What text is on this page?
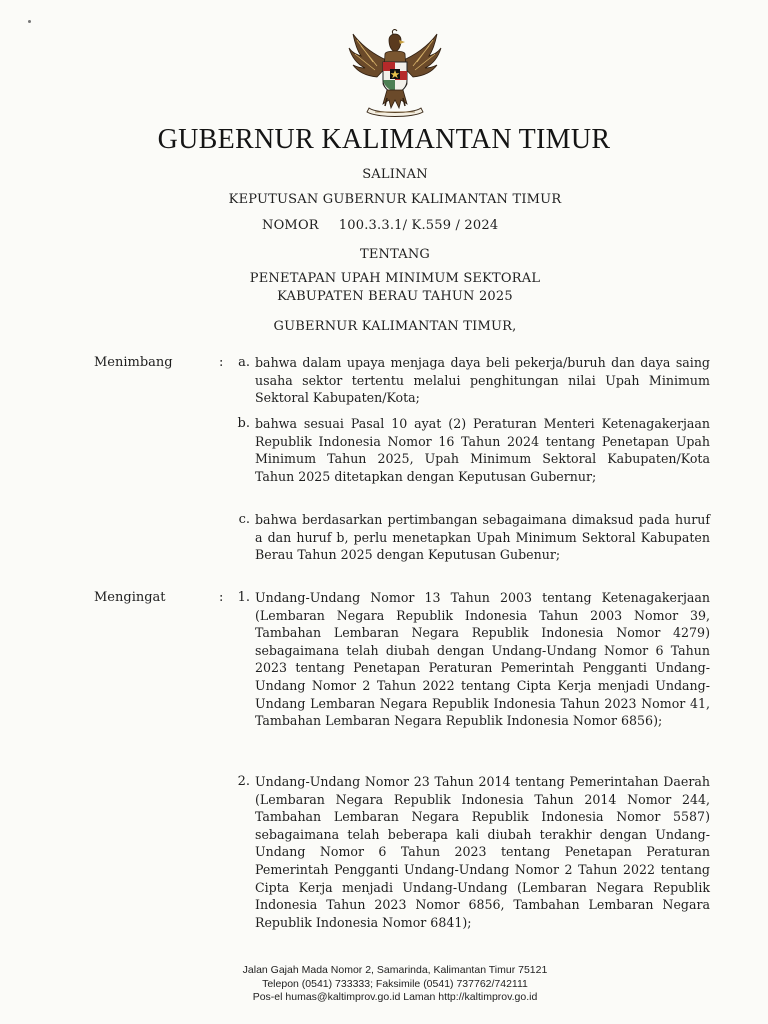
GUBERNUR KALIMANTAN TIMUR
SALINAN
KEPUTUSAN GUBERNUR KALIMANTAN TIMUR
NOMOR 100.3.3.1/ K.559 / 2024
TENTANG
PENETAPAN UPAH MINIMUM SEKTORAL
KABUPATEN BERAU TAHUN 2025
GUBERNUR KALIMANTAN TIMUR,
Menimbang	:	a. bahwa dalam upaya menjaga daya beli pekerja/buruh dan daya saing usaha sektor tertentu melalui penghitungan nilai Upah Minimum Sektoral Kabupaten/Kota;
b. bahwa sesuai Pasal 10 ayat (2) Peraturan Menteri Ketenagakerjaan Republik Indonesia Nomor 16 Tahun 2024 tentang Penetapan Upah Minimum Tahun 2025, Upah Minimum Sektoral Kabupaten/Kota Tahun 2025 ditetapkan dengan Keputusan Gubernur;
c. bahwa berdasarkan pertimbangan sebagaimana dimaksud pada huruf a dan huruf b, perlu menetapkan Upah Minimum Sektoral Kabupaten Berau Tahun 2025 dengan Keputusan Gubenur;
Mengingat	:	1. Undang-Undang Nomor 13 Tahun 2003 tentang Ketenagakerjaan (Lembaran Negara Republik Indonesia Tahun 2003 Nomor 39, Tambahan Lembaran Negara Republik Indonesia Nomor 4279) sebagaimana telah diubah dengan Undang-Undang Nomor 6 Tahun 2023 tentang Penetapan Peraturan Pemerintah Pengganti Undang-Undang Nomor 2 Tahun 2022 tentang Cipta Kerja menjadi Undang-Undang Lembaran Negara Republik Indonesia Tahun 2023 Nomor 41, Tambahan Lembaran Negara Republik Indonesia Nomor 6856);
2. Undang-Undang Nomor 23 Tahun 2014 tentang Pemerintahan Daerah (Lembaran Negara Republik Indonesia Tahun 2014 Nomor 244, Tambahan Lembaran Negara Republik Indonesia Nomor 5587) sebagaimana telah beberapa kali diubah terakhir dengan Undang-Undang Nomor 6 Tahun 2023 tentang Penetapan Peraturan Pemerintah Pengganti Undang-Undang Nomor 2 Tahun 2022 tentang Cipta Kerja menjadi Undang-Undang (Lembaran Negara Republik Indonesia Tahun 2023 Nomor 6856, Tambahan Lembaran Negara Republik Indonesia Nomor 6841);
Jalan Gajah Mada Nomor 2, Samarinda, Kalimantan Timur 75121
Telepon (0541) 733333; Faksimile (0541) 737762/742111
Pos-el humas@kaltimprov.go.id Laman http://kaltimprov.go.id
